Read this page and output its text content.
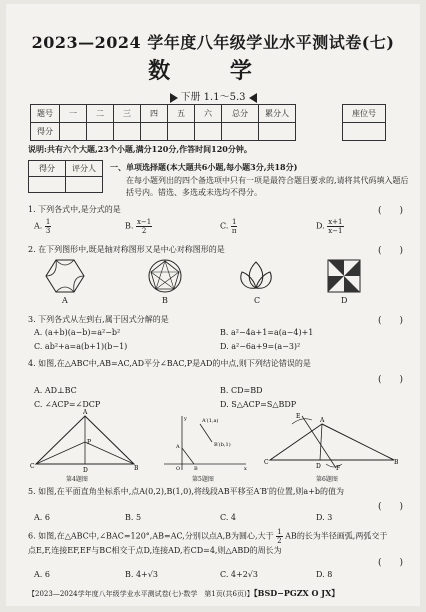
2023—2024 学年度八年级学业水平测试卷(七)
数 学
下册 1.1～5.3
题号	一	二	三	四	五	六	总分	累分人
得分								
座位号

说明:共有六个大题,23个小题,满分120分,作答时间120分钟。
得分	评分人
	一、单项选择题(本大题共6小题,每小题3分,共18分)
在每小题列出的四个备选项中只有一项是最符合题目要求的,请将其代码填入题后括号内。错选、多选或未选均不得分。
1. 下列各式中,是分式的是	(　　)
A. $\frac{1}{3}$	B. $\frac{x-1}{2}$	C. $\frac{1}{\pi}$	D. $\frac{x+1}{x-1}$
2. 在下列图形中,既是轴对称图形又是中心对称图形的是	(　　)
A	B	C	D
3. 下列各式从左到右,属于因式分解的是	(　　)
A. (a+b)(a−b)=a²−b²	B. a²−4a+1=a(a−4)+1
C. ab²+a=a(b+1)(b−1)	D. a²−6a+9=(a−3)²
4. 如图,在△ABC中,AB=AC,AD平分∠BAC,P是AD的中点,则下列结论错误的是
(　　)
A. AD⊥BC	B. CD=BD
C. ∠ACP=∠DCP	D. S△ACP=S△BDP
A
C	B
D
P
第4题图
A
B
A′(1,a)
B′(b,1)
x
y
O
第5题图
A
C	B
D
E
F
第6题图
5. 如图,在平面直角坐标系中,点A(0,2),B(1,0),将线段AB平移至A′B′的位置,则a+b的值为
(　　)
A. 6	B. 5	C. 4	D. 3
6. 如图,在△ABC中,∠BAC=120°,AB=AC,分别以点A,B为圆心,大于 $\frac{1}{2}$ AB的长为半径画弧,两弧交于点E,F,连接EF,EF与BC相交于点D,连接AD,若CD=4,则△ABD的周长为
(　　)
A. 6	B. 4+√3	C. 4+2√3	D. 8
【2023—2024学年度八年级学业水平测试卷(七)·数学　第1页(共6页)】【BSD−PGZX O JX】
